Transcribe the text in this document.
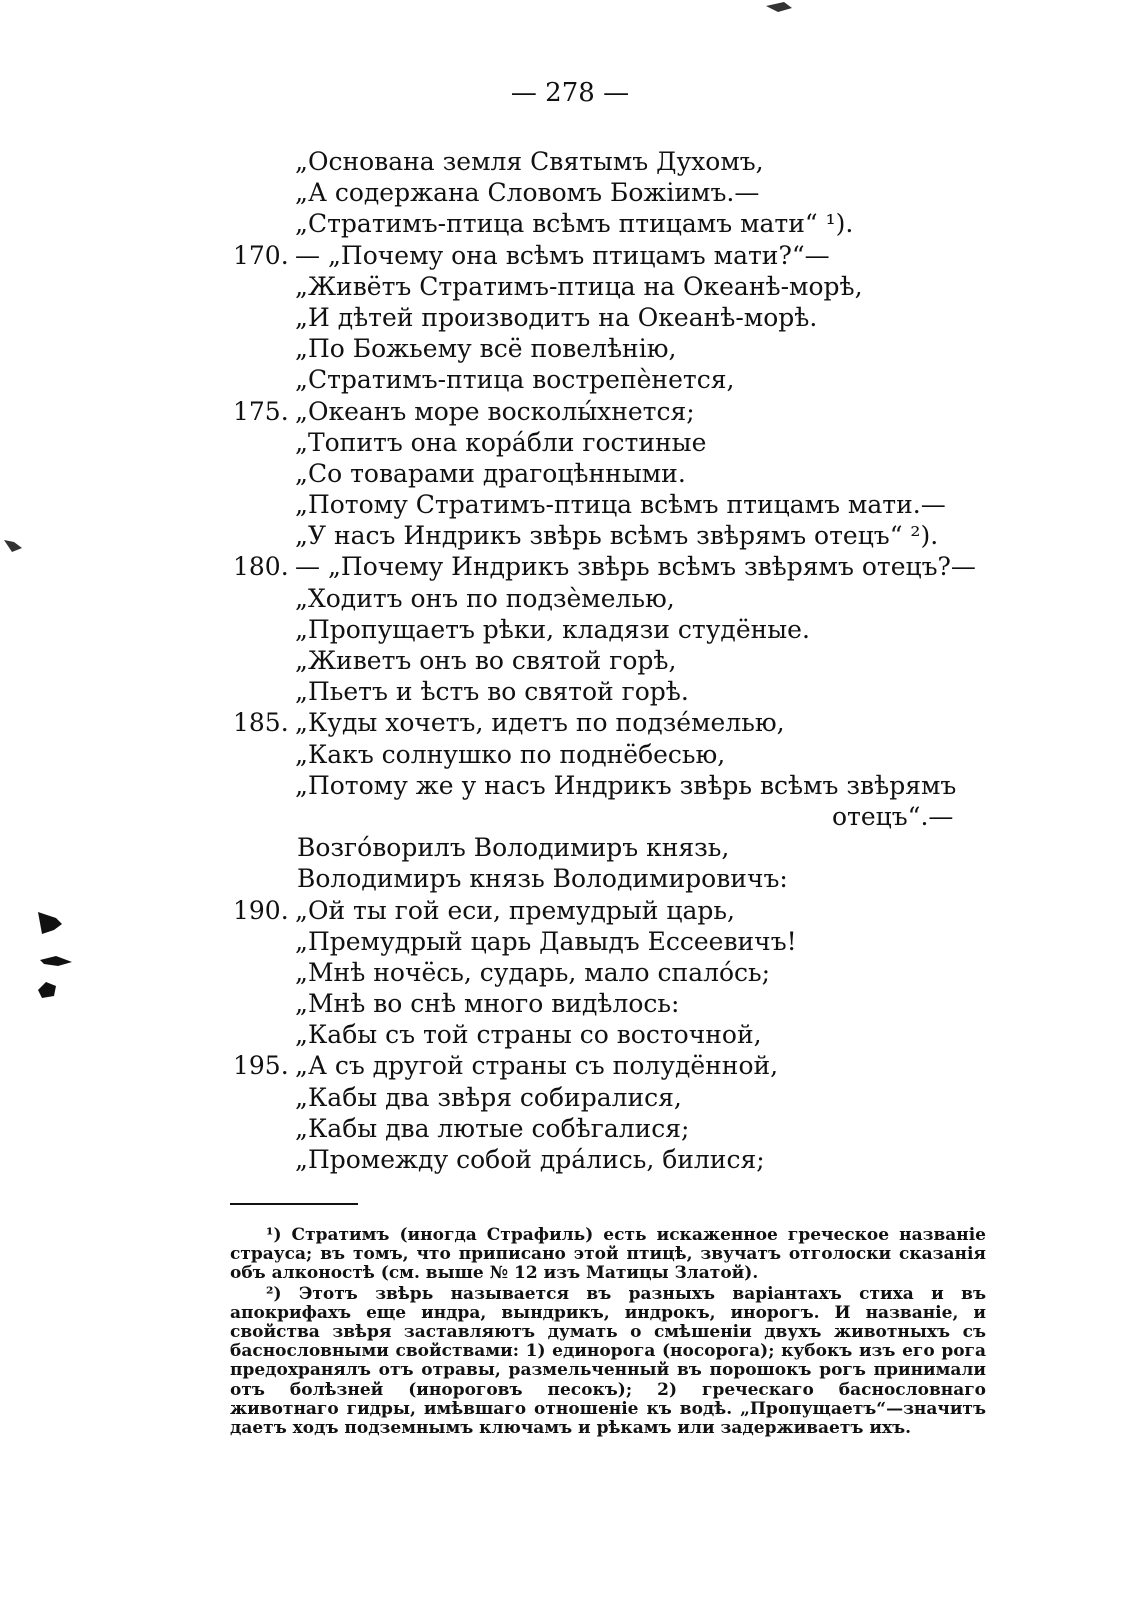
— 278 —
„Основана земля Святымъ Духомъ,
„А содержана Словомъ Божіимъ.—
„Стратимъ-птица всѣмъ птицамъ мати“ ¹).
170. — „Почему она всѣмъ птицамъ мати?“—
„Живётъ Стратимъ-птица на Океанѣ-морѣ,
„И дѣтей производитъ на Океанѣ-морѣ.
„По Божьему всё повелѣнію,
„Стратимъ-птица вострепѐнется,
175. „Океанъ море восколы́хнется;
„Топитъ она кора́бли гостиные
„Со товарами драгоцѣнными.
„Потому Стратимъ-птица всѣмъ птицамъ мати.—
„У насъ Индрикъ звѣрь всѣмъ звѣрямъ отецъ“ ²).
180. — „Почему Индрикъ звѣрь всѣмъ звѣрямъ отецъ?—
„Ходитъ онъ по подзѐмелью,
„Пропущаетъ рѣки, кладязи студёные.
„Живетъ онъ во святой горѣ,
„Пьетъ и ѣстъ во святой горѣ.
185. „Куды хочетъ, идетъ по подзе́мелью,
„Какъ солнушко по поднёбесью,
„Потому же у насъ Индрикъ звѣрь всѣмъ звѣрямъ
отецъ“.—
Возго́ворилъ Володимиръ князь,
Володимиръ князь Володимировичъ:
190. „Ой ты гой еси, премудрый царь,
„Премудрый царь Давыдъ Ессеевичъ!
„Мнѣ ночёсь, сударь, мало спало́сь;
„Мнѣ во снѣ много видѣлось:
„Кабы съ той страны со восточной,
195. „А съ другой страны съ полудённой,
„Кабы два звѣря собиралися,
„Кабы два лютые собѣгалися;
„Промежду собой дра́лись, билися;

¹) Стратимъ (иногда Страфиль) есть искаженное греческое названіе страуса; въ томъ, что приписано этой птицѣ, звучатъ отголоски сказанія объ алконостѣ (см. выше № 12 изъ Матицы Златой).

²) Этотъ звѣрь называется въ разныхъ варіантахъ стиха и въ апокрифахъ еще индра, вындрикъ, индрокъ, инорогъ. И названіе, и свойства звѣря заставляютъ думать о смѣшеніи двухъ животныхъ съ баснословными свойствами: 1) единорога (носорога); кубокъ изъ его рога предохранялъ отъ отравы, размельченный въ порошокъ рогъ принимали отъ болѣзней (инороговъ песокъ); 2) греческаго баснословнаго животнаго гидры, имѣвшаго отношеніе къ водѣ. „Пропущаетъ“—значитъ даетъ ходъ подземнымъ ключамъ и рѣкамъ или задерживаетъ ихъ.
